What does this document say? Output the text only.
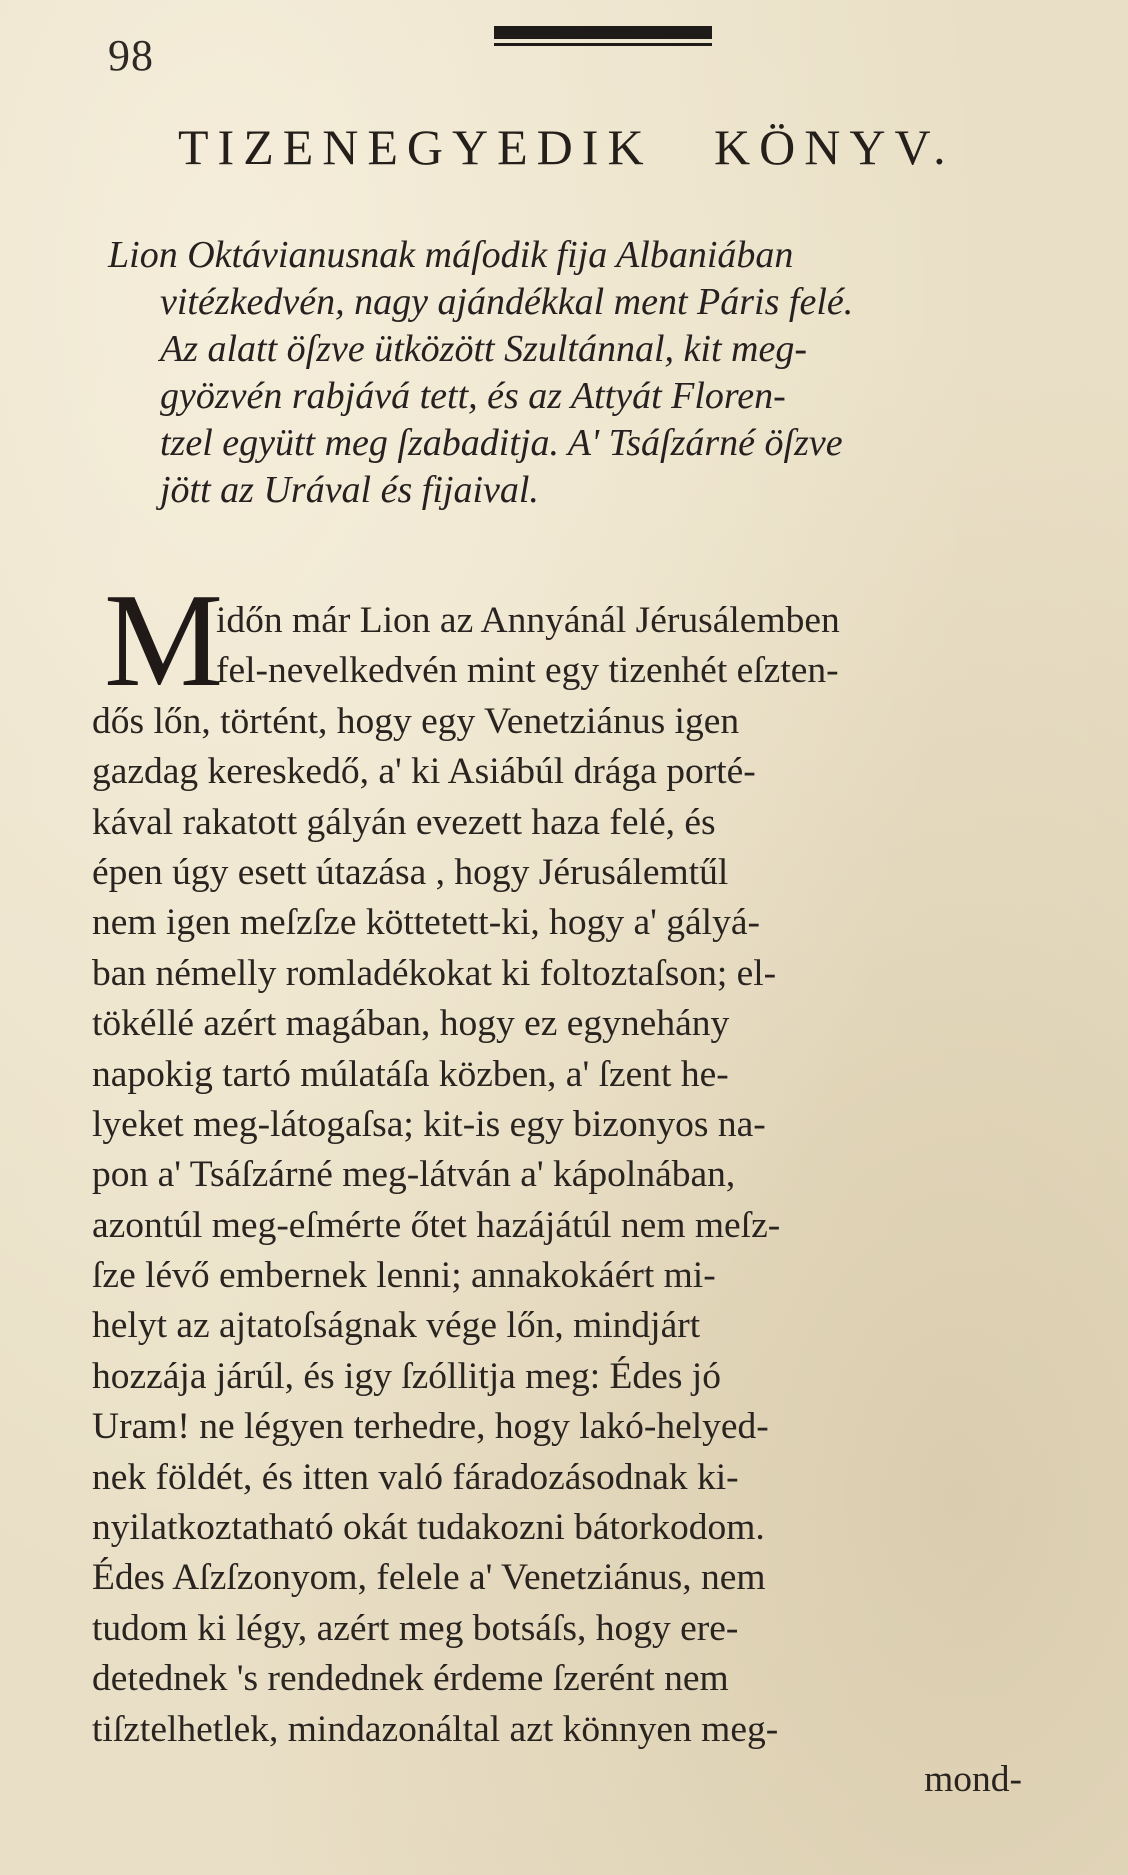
98
TIZENEGYEDIK KÖNYV.
Lion Oktávianusnak máſodik fija Albaniában
vitézkedvén, nagy ajándékkal ment Páris felé.
Az alatt öſzve ütközött Szultánnal, kit meg-
gyözvén rabjává tett, és az Attyát Floren-
tzel együtt meg ſzabaditja. A' Tsáſzárné öſzve
jött az Urával és fijaival.
M
időn már Lion az Annyánál Jérusálemben
fel-nevelkedvén mint egy tizenhét eſzten-
dős lőn, történt, hogy egy Venetziánus igen
gazdag kereskedő, a' ki Asiábúl drága porté-
kával rakatott gályán evezett haza felé, és
épen úgy esett útazása , hogy Jérusálemtűl
nem igen meſzſze köttetett-ki, hogy a' gályá-
ban némelly romladékokat ki foltoztaſson; el-
tökéllé azért magában, hogy ez egynehány
napokig tartó múlatáſa közben, a' ſzent he-
lyeket meg-látogaſsa; kit-is egy bizonyos na-
pon a' Tsáſzárné meg-látván a' kápolnában,
azontúl meg-eſmérte őtet hazájátúl nem meſz-
ſze lévő embernek lenni; annakokáért mi-
helyt az ajtatoſságnak vége lőn, mindjárt
hozzája járúl, és igy ſzóllitja meg: Édes jó
Uram! ne légyen terhedre, hogy lakó-helyed-
nek földét, és itten való fáradozásodnak ki-
nyilatkoztatható okát tudakozni bátorkodom.
Édes Aſzſzonyom, felele a' Venetziánus, nem
tudom ki légy, azért meg botsáſs, hogy ere-
detednek 's rendednek érdeme ſzerént nem
tiſztelhetlek, mindazonáltal azt könnyen meg-
mond-
